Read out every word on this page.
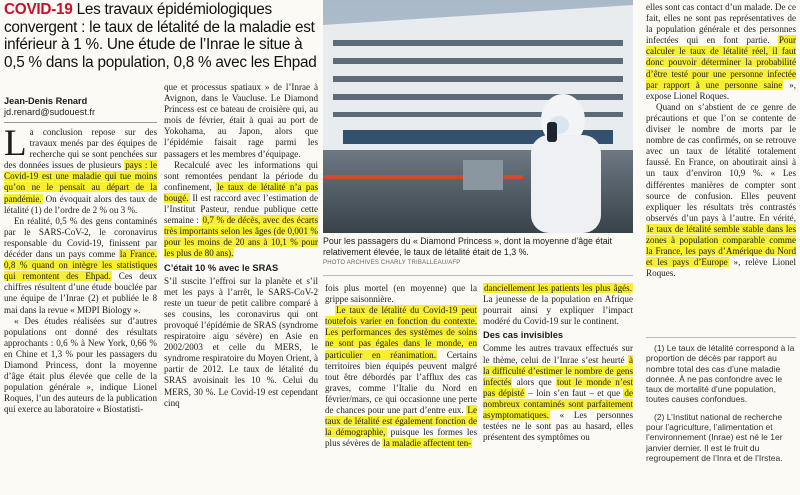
COVID-19 Les travaux épidémiologiques convergent : le taux de létalité de la maladie est inférieur à 1 %. Une étude de l’Inrae le situe à 0,5 % dans la population, 0,8 % avec les Ehpad
Jean-Denis Renard
jd.renard@sudouest.fr

La conclusion repose sur des travaux menés par des équipes de recherche qui se sont penchées sur des données issues de plusieurs pays : le Covid-19 est une maladie qui tue moins qu’on ne le pensait au départ de la pandémie. On évoquait alors des taux de létalité (1) de l’ordre de 2 % ou 3 %.

En réalité, 0,5 % des gens contaminés par le SARS-CoV-2, le coronavirus responsable du Covid-19, finissent par décéder dans un pays comme la France. 0,8 % quand on intègre les statistiques qui remontent des Ehpad. Ces deux chiffres résultent d’une étude bouclée par une équipe de l’Inrae (2) et publiée le 8 mai dans la revue « MDPI Biology ».

« Des études réalisées sur d’autres populations ont donné des résultats approchants : 0,6 % à New York, 0,66 % en Chine et 1,3 % pour les passagers du Diamond Princess, dont la moyenne d’âge était plus élevée que celle de la population générale », indique Lionel Roques, l’un des auteurs de la publication qui exerce au laboratoire « Biostatisti-

que et processus spatiaux » de l’Inrae à Avignon, dans le Vaucluse. Le Diamond Princess est ce bateau de croisière qui, au mois de février, était à quai au port de Yokohama, au Japon, alors que l’épidémie faisait rage parmi les passagers et les membres d’équipage.

Recalculé avec les informations qui sont remontées pendant la période du confinement, le taux de létalité n’a pas bougé. Il est raccord avec l’estimation de l’Institut Pasteur, rendue publique cette semaine : 0,7 % de décès, avec des écarts très importants selon les âges (de 0,001 % pour les moins de 20 ans à 10,1 % pour les plus de 80 ans).

C’était 10 % avec le SRAS

S’il suscite l’effroi sur la planète et s’il met les pays à l’arrêt, le SARS-CoV-2 reste un tueur de petit calibre comparé à ses cousins, les coronavirus qui ont provoqué l’épidémie de SRAS (syndrome respiratoire aigu sévère) en Asie en 2002/2003 et celle du MERS, le syndrome respiratoire du Moyen Orient, à partir de 2012. Le taux de létalité du SRAS avoisinait les 10 %. Celui du MERS, 30 %. Le Covid-19 est cependant cinq

Pour les passagers du « Diamond Princess », dont la moyenne d’âge était relativement élevée, le taux de létalité était de 1,3 %.
PHOTO ARCHIVES CHARLY TRIBALLEAU/AFP

fois plus mortel (en moyenne) que la grippe saisonnière.

Le taux de létalité du Covid-19 peut toutefois varier en fonction du contexte. Les performances des systèmes de soins ne sont pas égales dans le monde, en particulier en réanimation. Certains territoires bien équipés peuvent malgré tout être débordés par l’afflux des cas graves, comme l’Italie du Nord en février/mars, ce qui occasionne une perte de chances pour une part d’entre eux. Le taux de létalité est également fonction de la démographie, puisque les formes les plus sévères de la maladie affectent ten-

danciellement les patients les plus âgés. La jeunesse de la population en Afrique pourrait ainsi y expliquer l’impact modéré du Covid-19 sur le continent.

Des cas invisibles

Comme les autres travaux effectués sur le thème, celui de l’Inrae s’est heurté à la difficulté d’estimer le nombre de gens infectés alors que tout le monde n’est pas dépisté – loin s’en faut – et que de nombreux contaminés sont parfaitement asymptomatiques. « Les personnes testées ne le sont pas au hasard, elles présentent des symptômes ou

elles sont cas contact d’un malade. De ce fait, elles ne sont pas représentatives de la population générale et des personnes infectées qui en font partie. Pour calculer le taux de létalité réel, il faut donc pouvoir déterminer la probabilité d’être testé pour une personne infectée par rapport à une personne saine », expose Lionel Roques.

Quand on s’abstient de ce genre de précautions et que l’on se contente de diviser le nombre de morts par le nombre de cas confirmés, on se retrouve avec un taux de létalité totalement faussé. En France, on aboutirait ainsi à un taux d’environ 10,9 %. « Les différentes manières de compter sont source de confusion. Elles peuvent expliquer les résultats très contrastés observés d’un pays à l’autre. En vérité, le taux de létalité semble stable dans les zones à population comparable comme la France, les pays d’Amérique du Nord et les pays d’Europe », relève Lionel Roques.

(1) Le taux de létalité correspond à la proportion de décès par rapport au nombre total des cas d’une maladie donnée. À ne pas confondre avec le taux de mortalité d’une population, toutes causes confondues.

(2) L’Institut national de recherche pour l’agriculture, l’alimentation et l’environnement (Inrae) est né le 1er janvier dernier. Il est le fruit du regroupement de l’Inra et de l’Irstea.
